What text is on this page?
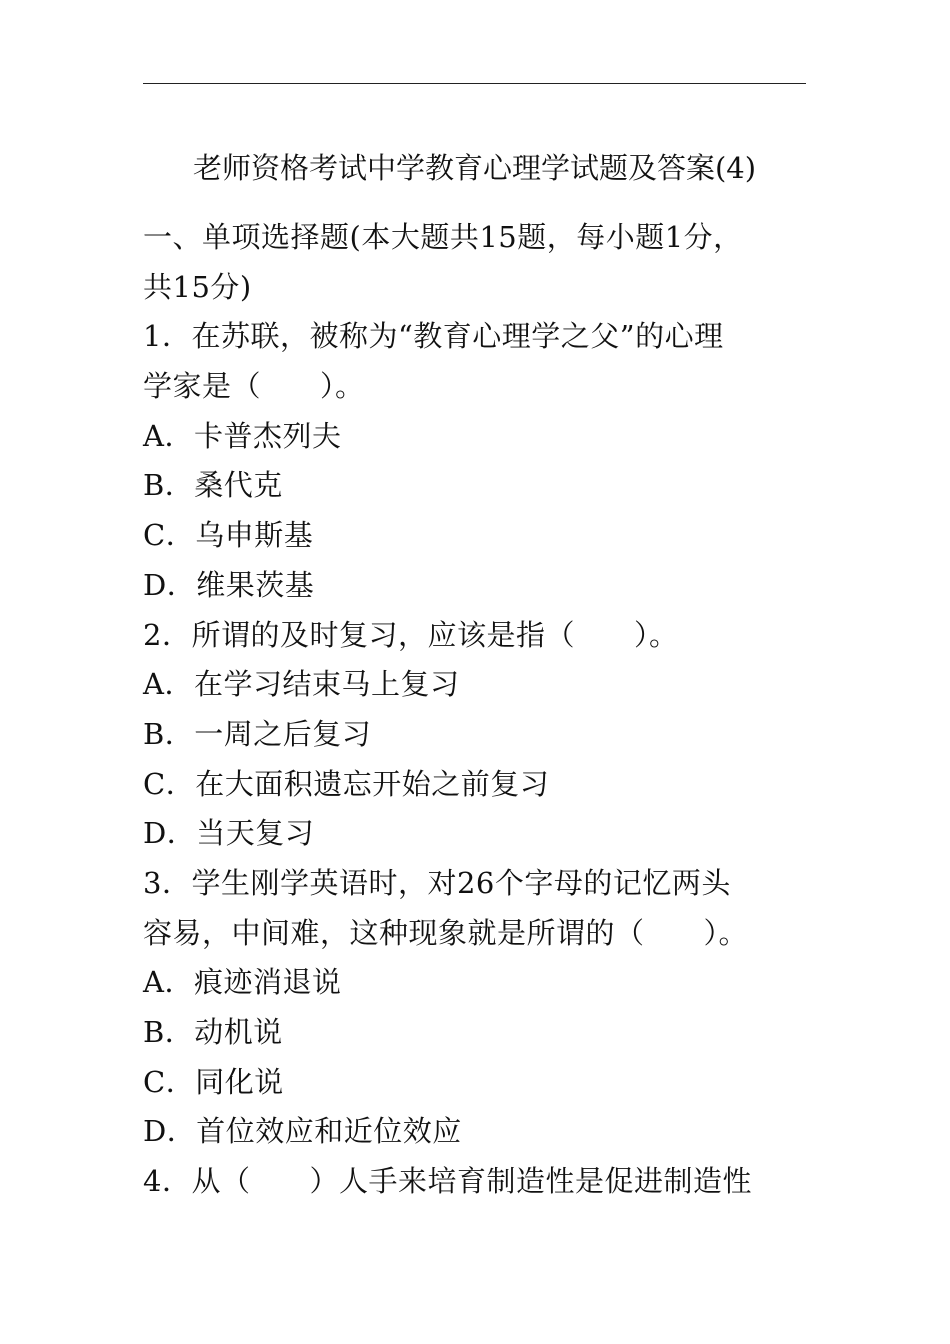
老师资格考试中学教育心理学试题及答案(4)
一、单项选择题(本大题共15题，每小题1分，
共15分)
1．在苏联，被称为“教育心理学之父”的心理
学家是（　　）。
A．卡普杰列夫
B．桑代克
C．乌申斯基
D．维果茨基
2．所谓的及时复习，应该是指（　　）。
A．在学习结束马上复习
B．一周之后复习
C．在大面积遗忘开始之前复习
D．当天复习
3．学生刚学英语时，对26个字母的记忆两头
容易，中间难，这种现象就是所谓的（　　）。
A．痕迹消退说
B．动机说
C．同化说
D．首位效应和近位效应
4．从（　　）人手来培育制造性是促进制造性
